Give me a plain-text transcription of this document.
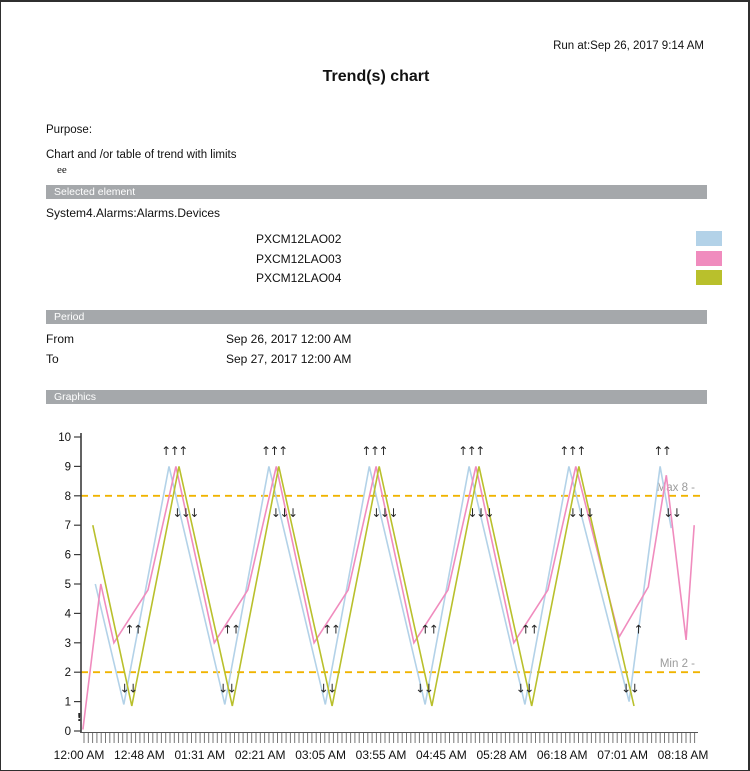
Run at:Sep 26, 2017 9:14 AM
Trend(s) chart
Purpose:
Chart and /or table of trend with limits
ee
Selected element
System4.Alarms:Alarms.Devices
PXCM12LAO02
PXCM12LAO03
PXCM12LAO04
Period
From	Sep 26, 2017 12:00 AM
To	Sep 27, 2017 12:00 AM
Graphics
Max 8 -
Min 2 -
0
1
2
3
4
5
6
7
8
9
10
12:00 AM 12:48 AM 01:31 AM 02:21 AM 03:05 AM 03:55 AM 04:45 AM 05:28 AM 06:18 AM 07:01 AM 08:18 AM
↑↑↑	↑↑↑	↑↑↑	↑↑↑	↑↑↑	↑↑
↓↓↓	↓↓↓	↓↓↓	↓↓↓	↓↓↓	↓↓
↑↑	↑↑	↑↑	↑↑	↑↑	↑
↓↓	↓↓	↓↓	↓↓	↓↓	↓↓
!
